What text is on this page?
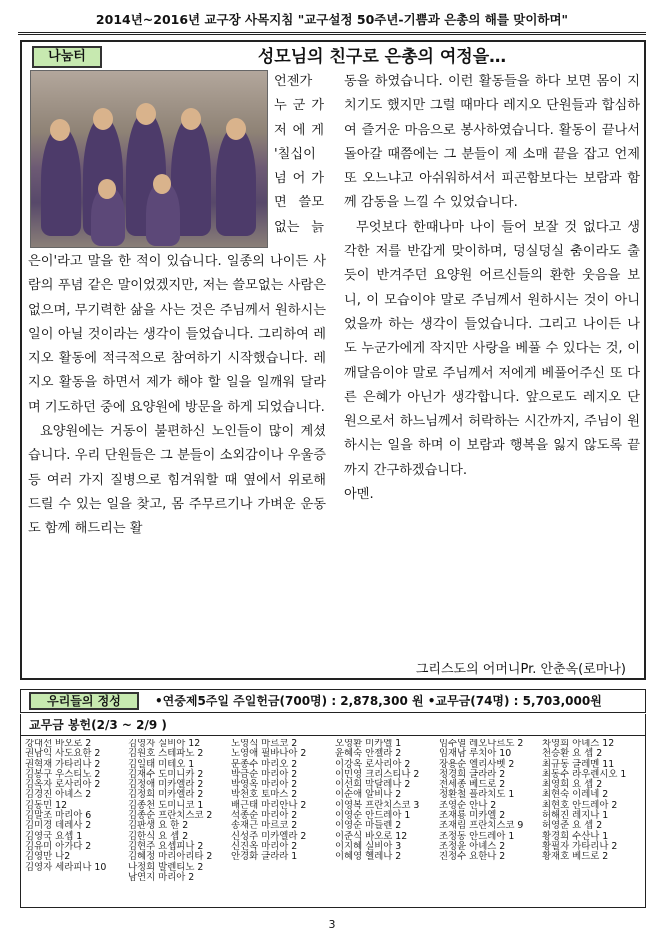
2014년~2016년 교구장 사목지침 "교구설정 50주년-기쁨과 은총의 해를 맞이하며"
나눔터	성모님의 친구로 은총의 여정을…

언젠가

누 군 가

저 에 게

'칠십이

넘 어 가

면 쓸모

없는 늙

은이'라고 말을 한 적이 있습니다. 일종의 나이든 사람의 푸념 같은 말이었겠지만, 저는 쓸모없는 사람은 없으며, 무기력한 삶을 사는 것은 주님께서 원하시는 일이 아닐 것이라는 생각이 들었습니다. 그리하여 레지오 활동에 적극적으로 참여하기 시작했습니다. 레지오 활동을 하면서 제가 해야 할 일을 일깨워 달라며 기도하던 중에 요양원에 방문을 하게 되었습니다.

요양원에는 거동이 불편하신 노인들이 많이 계셨습니다. 우리 단원들은 그 분들이 소외감이나 우울증 등 여러 가지 질병으로 힘겨워할 때 옆에서 위로해 드릴 수 있는 일을 찾고, 몸 주무르기나 가벼운 운동도 함께 해드리는 활

동을 하였습니다. 이런 활동들을 하다 보면 몸이 지치기도 했지만 그럴 때마다 레지오 단원들과 합심하여 즐거운 마음으로 봉사하였습니다. 활동이 끝나서 돌아갈 때쯤에는 그 분들이 제 소매 끝을 잡고 언제 또 오느냐고 아쉬워하셔서 피곤함보다는 보람과 함께 감동을 느낄 수 있었습니다.

무엇보다 한때나마 나이 들어 보잘 것 없다고 생각한 저를 반갑게 맞이하며, 덩실덩실 춤이라도 출 듯이 반겨주던 요양원 어르신들의 환한 웃음을 보니, 이 모습이야 말로 주님께서 원하시는 것이 아니었을까 하는 생각이 들었습니다. 그리고 나이든 나도 누군가에게 작지만 사랑을 베풀 수 있다는 것, 이 깨달음이야 말로 주님께서 저에게 베풀어주신 또 다른 은혜가 아닌가 생각합니다. 앞으로도 레지오 단원으로서 하느님께서 허락하는 시간까지, 주님이 원하시는 일을 하며 이 보람과 행복을 잃지 않도록 끝까지 간구하겠습니다.

아멘.

그리스도의 어머니Pr. 안춘옥(로마나)
우리들의 정성	•연중제5주일 주일헌금(700명) : 2,878,300 원 •교무금(74명) : 5,703,000원
교무금 봉헌(2/3 ~ 2/9 )
강대선 바오로 2
권남익 사도요한 2
권혁재 가타리나 2
김봉구 우스티노 2
김옥자 로사리아 2
김경진 아녜스 2
김동민 12
김말조 마리아 6
김미경 데레사 2
김영국 요셉 1
김유미 아가다 2
김영만 나2
김영자 세라피나 10
김영자 실비아 12
김원호 스테파노 2
김일태 미테오 1
김재수 도미니카 2
김정애 미카엘라 2
김정희 미카엘라 2
김종천 도미니코 1
김종순 프란치스코 2
김판생 요 한 2
김한식 요 셉 2
김현주 요셉피나 2
김혜정 마리아리타 2
나정희 발렌티노 2
남연지 마리아 2
노영식 마르코 2
노영애 필바나아 2
문종수 마리오 2
박금순 마리아 2
박영옥 마리아 2
박천호 토마스 2
배근태 마리안나 2
석종순 마리아 2
송재근 마르코 2
신성주 미카엘라 2
신진옥 마리아 2
안경화 글라라 1
오영환 미카엘 1
윤혜숙 안젤라 2
이강옥 로사리아 2
이민영 크리스티나 2
이선희 막달레나 2
이순애 알비나 2
이영복 프란치스코 3
이영순 안드레아 1
이영순 마들렌 2
이준식 바오로 12
이지혜 실비아 3
이혜영 헬레나 2
임수열 레오나르도 2
임재남 루치아 10
장용순 엘리사벳 2
정경희 글라라 2
전세종 베드로 2
정환철 플라치도 1
조영순 안나 2
조재룡 미카엘 2
조재림 프란치스코 9
조정동 안드레아 1
조정윤 아녜스 2
진정수 요한나 2
차영희 아녜스 12
천승환 요 셉 2
최규동 글레멘 11
최동수 라우렌시오 1
최영희 요 셉 2
최현숙 이레네 2
최현호 안드레아 2
허해진 레지나 1
허영준 요 셉 2
황경희 수산나 1
황필자 가타리나 2
황재호 베드로 2
3
